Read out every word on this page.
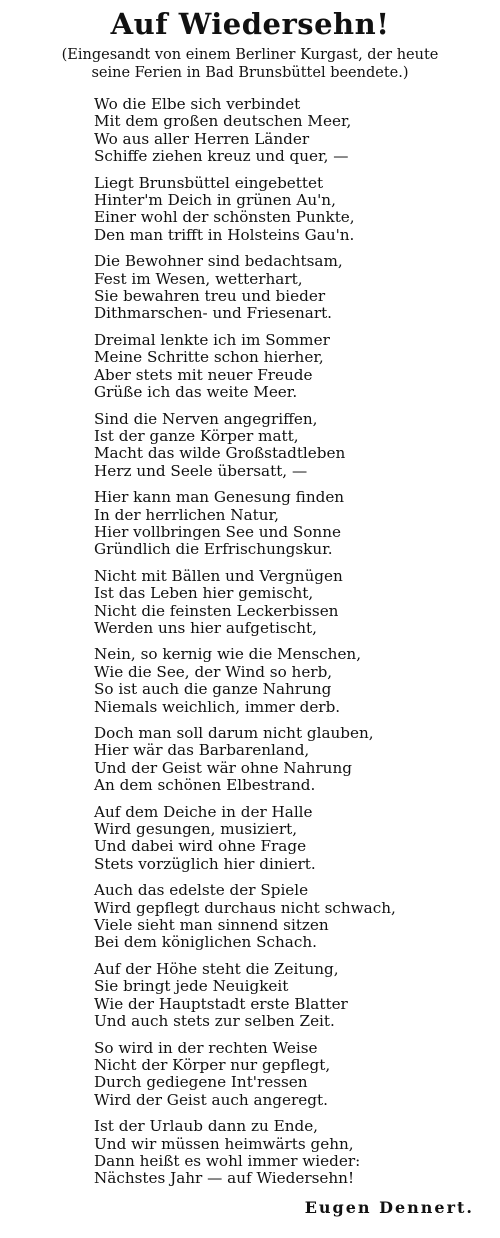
Auf Wiedersehn!
(Eingesandt von einem Berliner Kurgast, der heute
seine Ferien in Bad Brunsbüttel beendete.)
Wo die Elbe sich verbindet
Mit dem großen deutschen Meer,
Wo aus aller Herren Länder
Schiffe ziehen kreuz und quer, —
Liegt Brunsbüttel eingebettet
Hinter'm Deich in grünen Au'n,
Einer wohl der schönsten Punkte,
Den man trifft in Holsteins Gau'n.
Die Bewohner sind bedachtsam,
Fest im Wesen, wetterhart,
Sie bewahren treu und bieder
Dithmarschen- und Friesenart.
Dreimal lenkte ich im Sommer
Meine Schritte schon hierher,
Aber stets mit neuer Freude
Grüße ich das weite Meer.
Sind die Nerven angegriffen,
Ist der ganze Körper matt,
Macht das wilde Großstadtleben
Herz und Seele übersatt, —
Hier kann man Genesung finden
In der herrlichen Natur,
Hier vollbringen See und Sonne
Gründlich die Erfrischungskur.
Nicht mit Bällen und Vergnügen
Ist das Leben hier gemischt,
Nicht die feinsten Leckerbissen
Werden uns hier aufgetischt,
Nein, so kernig wie die Menschen,
Wie die See, der Wind so herb,
So ist auch die ganze Nahrung
Niemals weichlich, immer derb.
Doch man soll darum nicht glauben,
Hier wär das Barbarenland,
Und der Geist wär ohne Nahrung
An dem schönen Elbestrand.
Auf dem Deiche in der Halle
Wird gesungen, musiziert,
Und dabei wird ohne Frage
Stets vorzüglich hier diniert.
Auch das edelste der Spiele
Wird gepflegt durchaus nicht schwach,
Viele sieht man sinnend sitzen
Bei dem königlichen Schach.
Auf der Höhe steht die Zeitung,
Sie bringt jede Neuigkeit
Wie der Hauptstadt erste Blatter
Und auch stets zur selben Zeit.
So wird in der rechten Weise
Nicht der Körper nur gepflegt,
Durch gediegene Int'ressen
Wird der Geist auch angeregt.
Ist der Urlaub dann zu Ende,
Und wir müssen heimwärts gehn,
Dann heißt es wohl immer wieder:
Nächstes Jahr — auf Wiedersehn!
Eugen Dennert.
